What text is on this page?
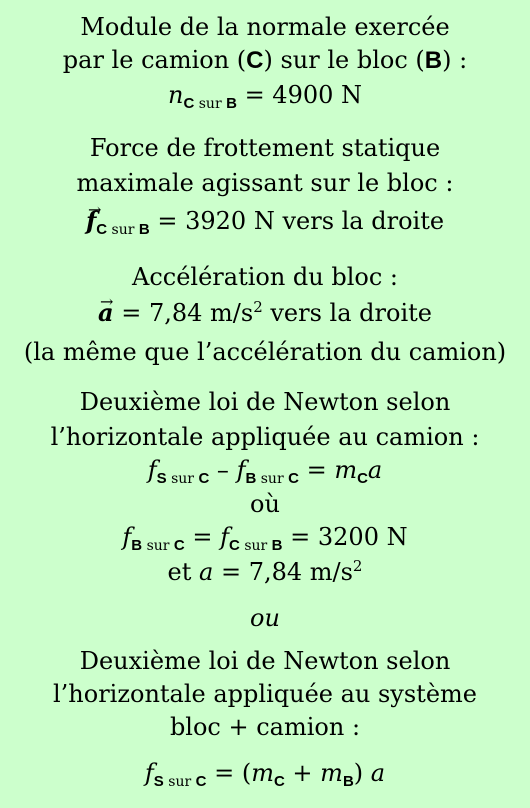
Module de la normale exercée
par le camion (C) sur le bloc (B) :
$n_{C sur B} = 4900$ N
Force de frottement statique
maximale agissant sur le bloc :
→ $f_{C sur B} = 3920$ N vers la droite
Accélération du bloc :
→ a = 7,84 $m/s^2$ vers la droite
(la même que l’accélération du camion)
Deuxième loi de Newton selon
l’horizontale appliquée au camion :
$f_{S sur C} - f_{B sur C} = m_Ca$
où
$f_{B sur C} = f_{C sur B} = 3200$ N
et a = 7,84 $m/s^2$
ou
Deuxième loi de Newton selon
l’horizontale appliquée au système
bloc + camion :
$f_{S sur C} = (m_C + m_B)$ a
